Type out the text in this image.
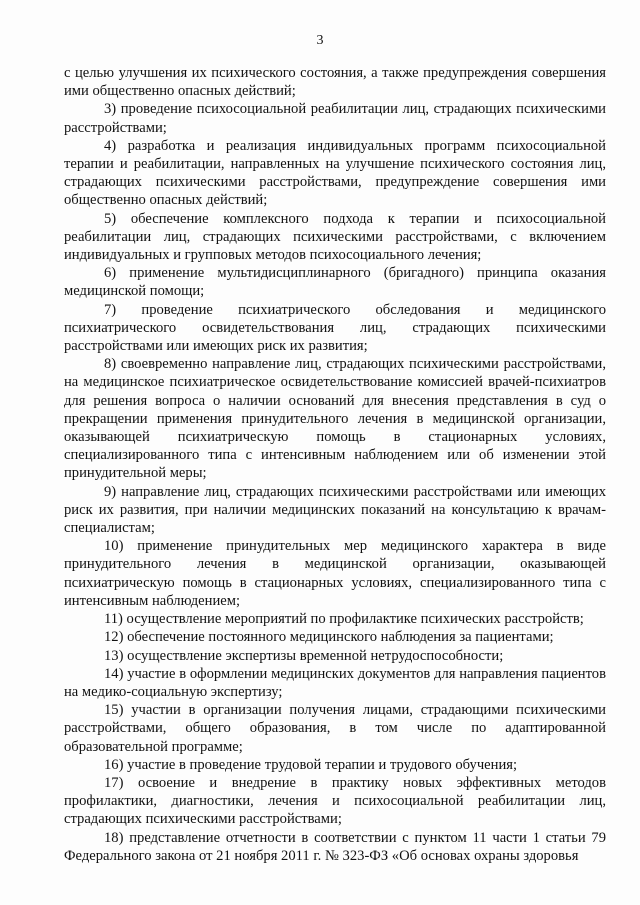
3

с целью улучшения их психического состояния, а также предупреждения совершения ими общественно опасных действий;

3) проведение психосоциальной реабилитации лиц, страдающих психическими расстройствами;

4) разработка и реализация индивидуальных программ психосоциальной терапии и реабилитации, направленных на улучшение психического состояния лиц, страдающих психическими расстройствами, предупреждение совершения ими общественно опасных действий;

5) обеспечение комплексного подхода к терапии и психосоциальной реабилитации лиц, страдающих психическими расстройствами, с включением индивидуальных и групповых методов психосоциального лечения;

6) применение мультидисциплинарного (бригадного) принципа оказания медицинской помощи;

7) проведение психиатрического обследования и медицинского психиатрического освидетельствования лиц, страдающих психическими расстройствами или имеющих риск их развития;

8) своевременно направление лиц, страдающих психическими расстройствами, на медицинское психиатрическое освидетельствование комиссией врачей-психиатров для решения вопроса о наличии оснований для внесения представления в суд о прекращении применения принудительного лечения в медицинской организации, оказывающей психиатрическую помощь в стационарных условиях, специализированного типа с интенсивным наблюдением или об изменении этой принудительной меры;

9) направление лиц, страдающих психическими расстройствами или имеющих риск их развития, при наличии медицинских показаний на консультацию к врачам-специалистам;

10) применение принудительных мер медицинского характера в виде принудительного лечения в медицинской организации, оказывающей психиатрическую помощь в стационарных условиях, специализированного типа с интенсивным наблюдением;

11) осуществление мероприятий по профилактике психических расстройств;

12) обеспечение постоянного медицинского наблюдения за пациентами;

13) осуществление экспертизы временной нетрудоспособности;

14) участие в оформлении медицинских документов для направления пациентов на медико-социальную экспертизу;

15) участии в организации получения лицами, страдающими психическими расстройствами, общего образования, в том числе по адаптированной образовательной программе;

16) участие в проведение трудовой терапии и трудового обучения;

17) освоение и внедрение в практику новых эффективных методов профилактики, диагностики, лечения и психосоциальной реабилитации лиц, страдающих психическими расстройствами;

18) представление отчетности в соответствии с пунктом 11 части 1 статьи 79 Федерального закона от 21 ноября 2011 г. № 323-ФЗ «Об основах охраны здоровья
